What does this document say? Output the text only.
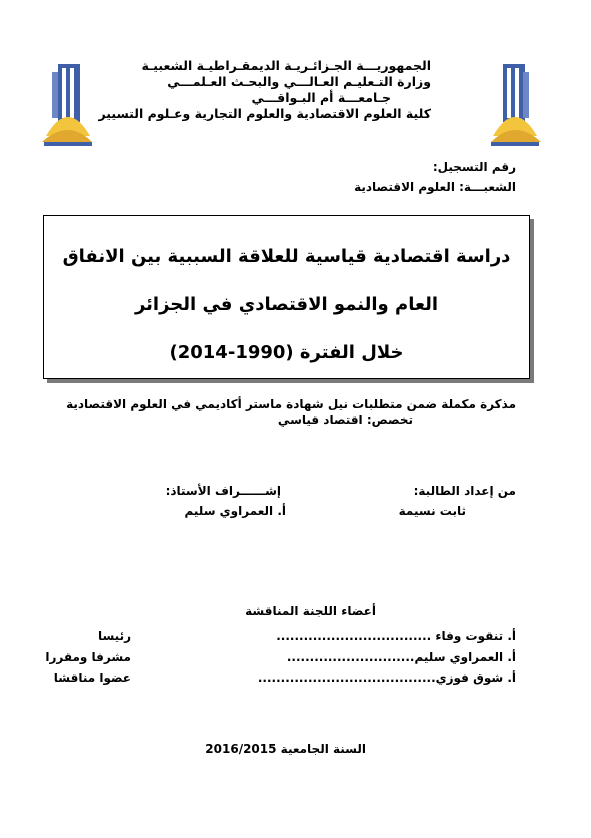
الجمهوريـــة الجـزائـريـة الديمقـراطيـة الشعبيـة
وزارة التـعليـم العـالـــي والبحـث العـلمـــي
جـامعـــة أم البـواقـــي
كلية العلوم الاقتصادية والعلوم التجارية وعـلوم التسيير
رقم التسجيل:
الشعبـــة: العلوم الاقتصادية
دراسة اقتصادية قياسية للعلاقة السببية بين الانفاق
العام والنمو الاقتصادي في الجزائر
خلال الفترة (1990-2014)
مذكرة مكملة ضمن متطلبات نيل شهادة ماستر أكاديمي في العلوم الاقتصادية
تخصص: اقتصاد قياسي
من إعداد الطالبة:
ثابت نسيمة
إشــــــراف الأستاذ:
أ. العمراوي سليم
أعضاء اللجنة المناقشة
أ. تنقوت وفاء ..................................
رئيسا
أ. العمراوي سليم............................
مشرفا ومقررا
أ. شوق فوزي.......................................
عضوا مناقشا
السنة الجامعية 2016/2015
